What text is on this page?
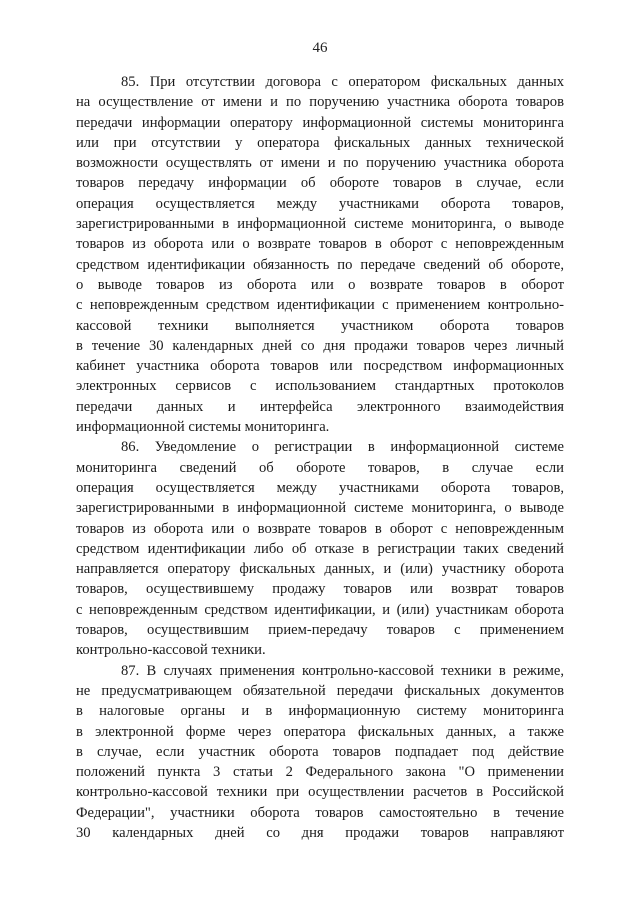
46
85. При отсутствии договора с оператором фискальных данных
на осуществление от имени и по поручению участника оборота товаров
передачи информации оператору информационной системы мониторинга
или при отсутствии у оператора фискальных данных технической
возможности осуществлять от имени и по поручению участника оборота
товаров передачу информации об обороте товаров в случае, если
операция осуществляется между участниками оборота товаров,
зарегистрированными в информационной системе мониторинга, о выводе
товаров из оборота или о возврате товаров в оборот с неповрежденным
средством идентификации обязанность по передаче сведений об обороте,
о выводе товаров из оборота или о возврате товаров в оборот
с неповрежденным средством идентификации с применением контрольно-
кассовой техники выполняется участником оборота товаров
в течение 30 календарных дней со дня продажи товаров через личный
кабинет участника оборота товаров или посредством информационных
электронных сервисов с использованием стандартных протоколов
передачи данных и интерфейса электронного взаимодействия
информационной системы мониторинга.
86. Уведомление о регистрации в информационной системе
мониторинга сведений об обороте товаров, в случае если
операция осуществляется между участниками оборота товаров,
зарегистрированными в информационной системе мониторинга, о выводе
товаров из оборота или о возврате товаров в оборот с неповрежденным
средством идентификации либо об отказе в регистрации таких сведений
направляется оператору фискальных данных, и (или) участнику оборота
товаров, осуществившему продажу товаров или возврат товаров
с неповрежденным средством идентификации, и (или) участникам оборота
товаров, осуществившим прием-передачу товаров с применением
контрольно-кассовой техники.
87. В случаях применения контрольно-кассовой техники в режиме,
не предусматривающем обязательной передачи фискальных документов
в налоговые органы и в информационную систему мониторинга
в электронной форме через оператора фискальных данных, а также
в случае, если участник оборота товаров подпадает под действие
положений пункта 3 статьи 2 Федерального закона "О применении
контрольно-кассовой техники при осуществлении расчетов в Российской
Федерации", участники оборота товаров самостоятельно в течение
30 календарных дней со дня продажи товаров направляют
